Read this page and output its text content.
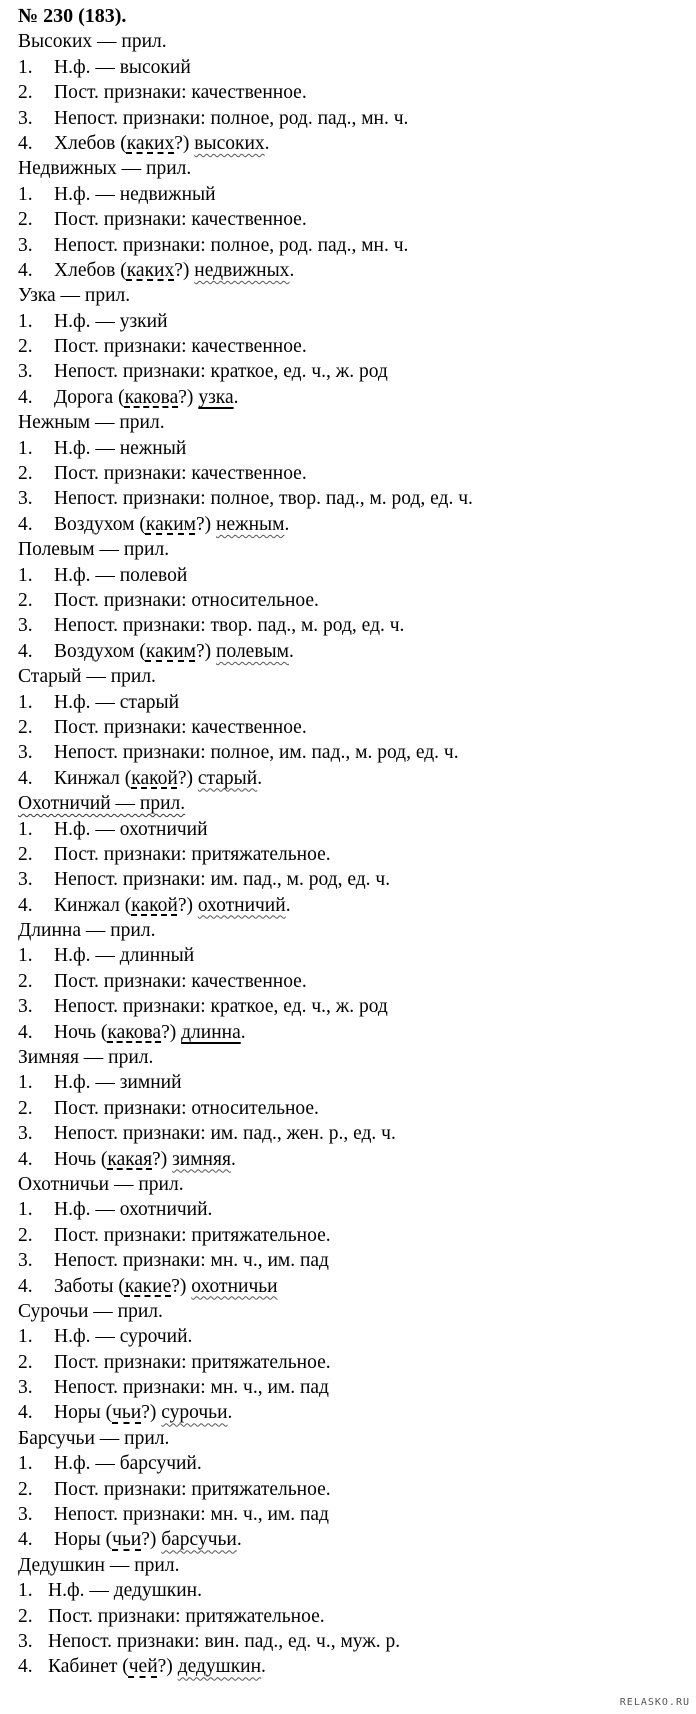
№ 230 (183).
Высоких — прил.
1. Н.ф. — высокий
2. Пост. признаки: качественное.
3. Непост. признаки: полное, род. пад., мн. ч.
4. Хлебов (каких?) высоких.
Недвижных — прил.
1. Н.ф. — недвижный
2. Пост. признаки: качественное.
3. Непост. признаки: полное, род. пад., мн. ч.
4. Хлебов (каких?) недвижных.
Узка — прил.
1. Н.ф. — узкий
2. Пост. признаки: качественное.
3. Непост. признаки: краткое, ед. ч., ж. род
4. Дорога (какова?) узка.
Нежным — прил.
1. Н.ф. — нежный
2. Пост. признаки: качественное.
3. Непост. признаки: полное, твор. пад., м. род, ед. ч.
4. Воздухом (каким?) нежным.
Полевым — прил.
1. Н.ф. — полевой
2. Пост. признаки: относительное.
3. Непост. признаки: твор. пад., м. род, ед. ч.
4. Воздухом (каким?) полевым.
Старый — прил.
1. Н.ф. — старый
2. Пост. признаки: качественное.
3. Непост. признаки: полное, им. пад., м. род, ед. ч.
4. Кинжал (какой?) старый.
Охотничий — прил.
1. Н.ф. — охотничий
2. Пост. признаки: притяжательное.
3. Непост. признаки: им. пад., м. род, ед. ч.
4. Кинжал (какой?) охотничий.
Длинна — прил.
1. Н.ф. — длинный
2. Пост. признаки: качественное.
3. Непост. признаки: краткое, ед. ч., ж. род
4. Ночь (какова?) длинна.
Зимняя — прил.
1. Н.ф. — зимний
2. Пост. признаки: относительное.
3. Непост. признаки: им. пад., жен. р., ед. ч.
4. Ночь (какая?) зимняя.
Охотничьи — прил.
1. Н.ф. — охотничий.
2. Пост. признаки: притяжательное.
3. Непост. признаки: мн. ч., им. пад
4. Заботы (какие?) охотничьи
Сурочьи — прил.
1. Н.ф. — сурочий.
2. Пост. признаки: притяжательное.
3. Непост. признаки: мн. ч., им. пад
4. Норы (чьи?) сурочьи.
Барсучьи — прил.
1. Н.ф. — барсучий.
2. Пост. признаки: притяжательное.
3. Непост. признаки: мн. ч., им. пад
4. Норы (чьи?) барсучьи.
Дедушкин — прил.
1. Н.ф. — дедушкин.
2. Пост. признаки: притяжательное.
3. Непост. признаки: вин. пад., ед. ч., муж. р.
4. Кабинет (чей?) дедушкин.
RELASKO.RU
